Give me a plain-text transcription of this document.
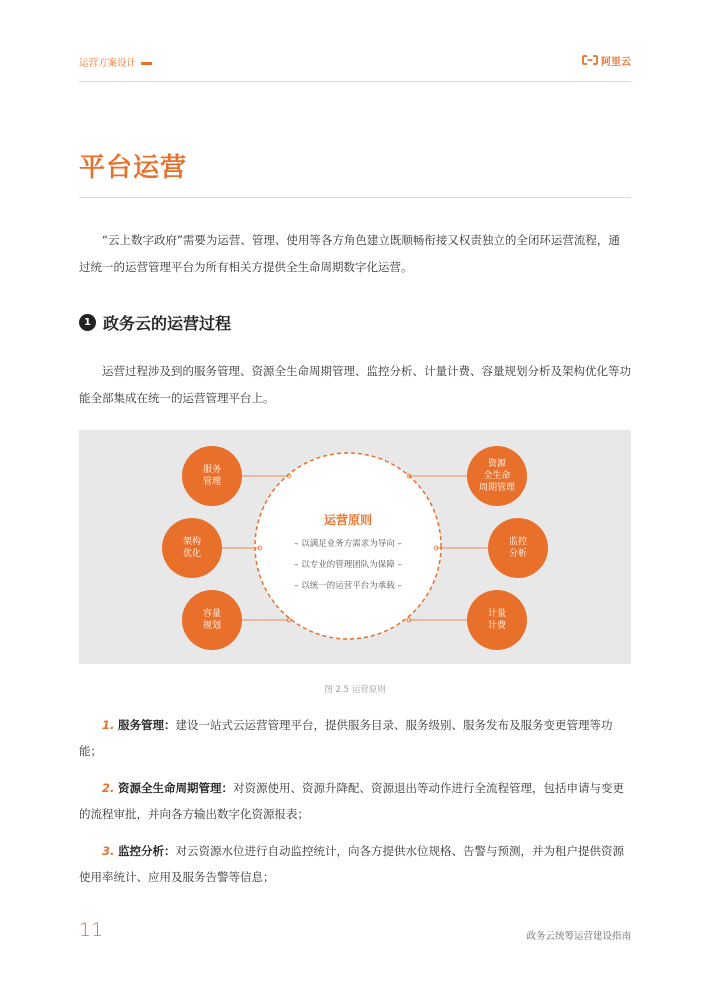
运营方案设计	阿里云
平台运营
“云上数字政府”需要为运营、管理、使用等各方角色建立既顺畅衔接又权责独立的全闭环运营流程，通过统一的运营管理平台为所有相关方提供全生命周期数字化运营。
1 政务云的运营过程
运营过程涉及到的服务管理、资源全生命周期管理、监控分析、计量计费、容量规划分析及架构优化等功能全部集成在统一的运营管理平台上。
运营原则
– 以满足业务方需求为导向 –
– 以专业的管理团队为保障 –
– 以统一的运营平台为承载 –
服务
管理
架构
优化
容量
规划
资源
全生命
周期管理
监控
分析
计量
计费
图 2.5 运营原则
1. 服务管理：建设一站式云运营管理平台，提供服务目录、服务级别、服务发布及服务变更管理等功能；
2. 资源全生命周期管理：对资源使用、资源升降配、资源退出等动作进行全流程管理，包括申请与变更的流程审批，并向各方输出数字化资源报表；
3. 监控分析：对云资源水位进行自动监控统计，向各方提供水位规格、告警与预测，并为租户提供资源使用率统计、应用及服务告警等信息；
11	政务云统筹运营建设指南
